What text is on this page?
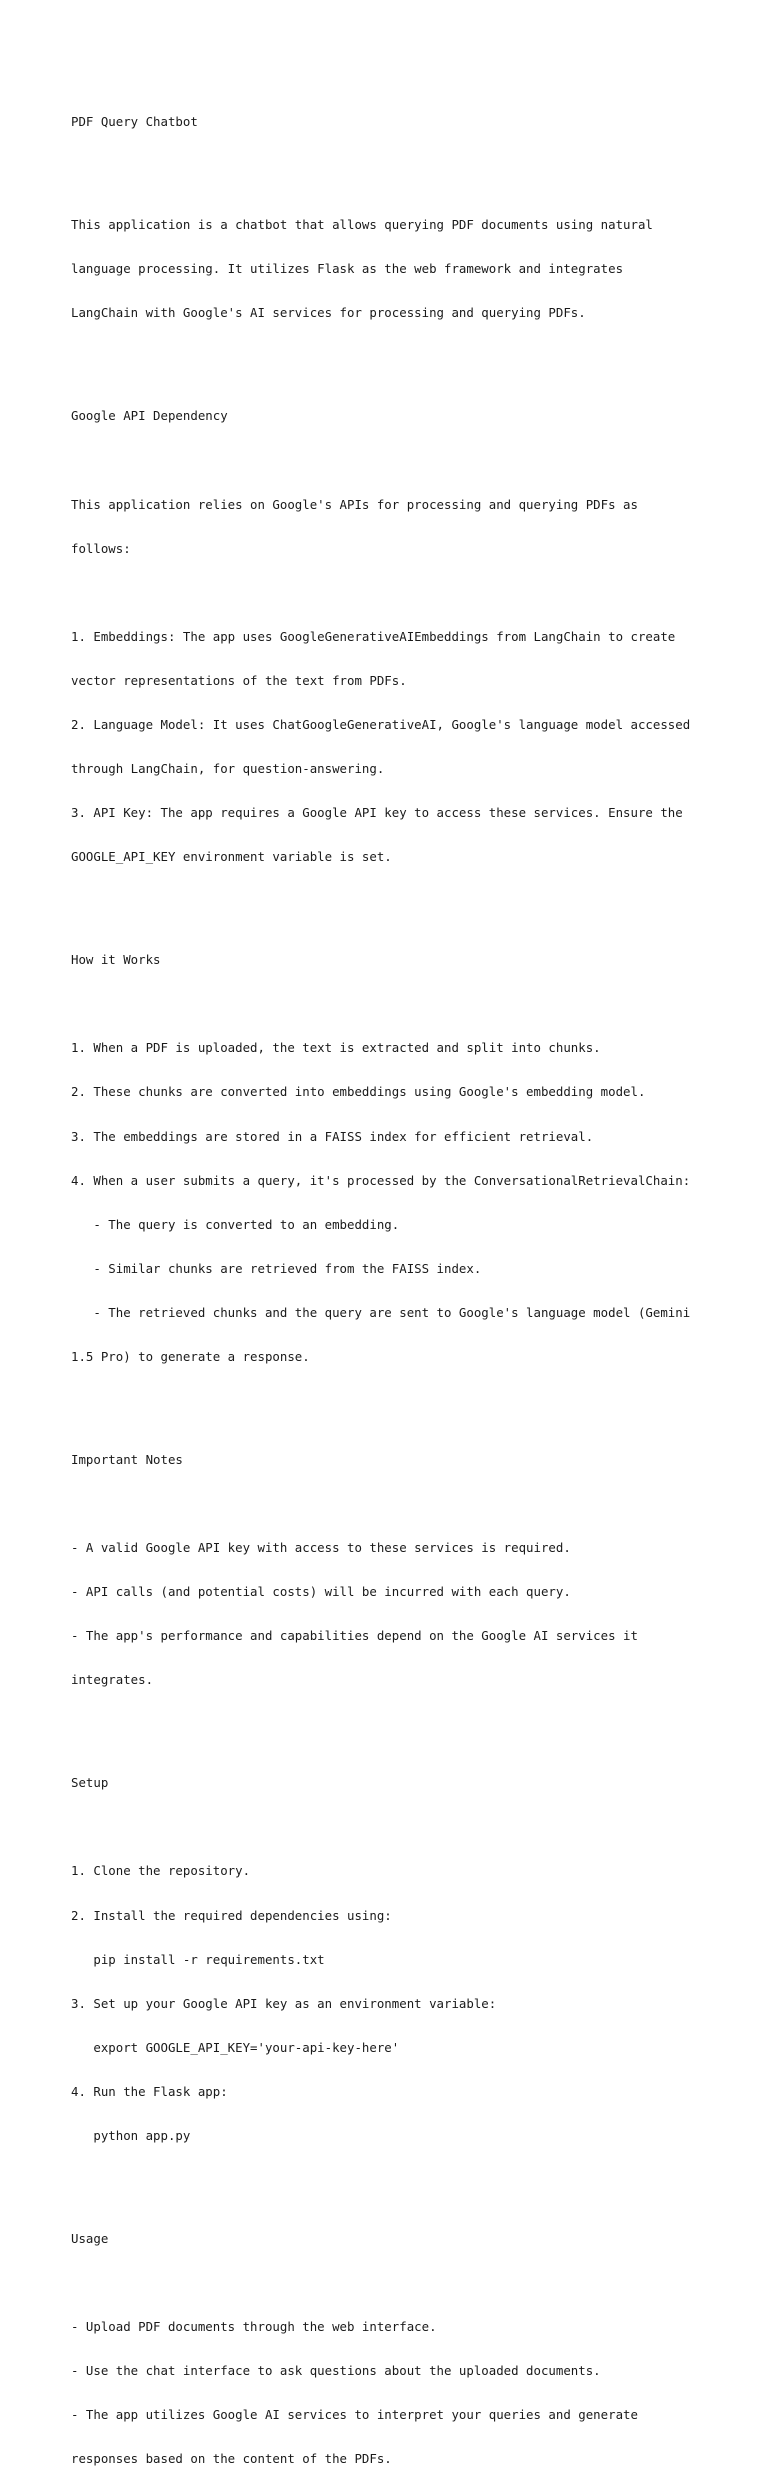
PDF Query Chatbot

This application is a chatbot that allows querying PDF documents using natural

language processing. It utilizes Flask as the web framework and integrates

LangChain with Google's AI services for processing and querying PDFs.

Google API Dependency

This application relies on Google's APIs for processing and querying PDFs as

follows:

1. Embeddings: The app uses GoogleGenerativeAIEmbeddings from LangChain to create

vector representations of the text from PDFs.

2. Language Model: It uses ChatGoogleGenerativeAI, Google's language model accessed

through LangChain, for question-answering.

3. API Key: The app requires a Google API key to access these services. Ensure the

GOOGLE_API_KEY environment variable is set.

How it Works

1. When a PDF is uploaded, the text is extracted and split into chunks.

2. These chunks are converted into embeddings using Google's embedding model.

3. The embeddings are stored in a FAISS index for efficient retrieval.

4. When a user submits a query, it's processed by the ConversationalRetrievalChain:

- The query is converted to an embedding.

- Similar chunks are retrieved from the FAISS index.

- The retrieved chunks and the query are sent to Google's language model (Gemini

1.5 Pro) to generate a response.

Important Notes

- A valid Google API key with access to these services is required.

- API calls (and potential costs) will be incurred with each query.

- The app's performance and capabilities depend on the Google AI services it

integrates.

Setup

1. Clone the repository.

2. Install the required dependencies using:

pip install -r requirements.txt

3. Set up your Google API key as an environment variable:

export GOOGLE_API_KEY='your-api-key-here'

4. Run the Flask app:

python app.py

Usage

- Upload PDF documents through the web interface.

- Use the chat interface to ask questions about the uploaded documents.

- The app utilizes Google AI services to interpret your queries and generate

responses based on the content of the PDFs.
